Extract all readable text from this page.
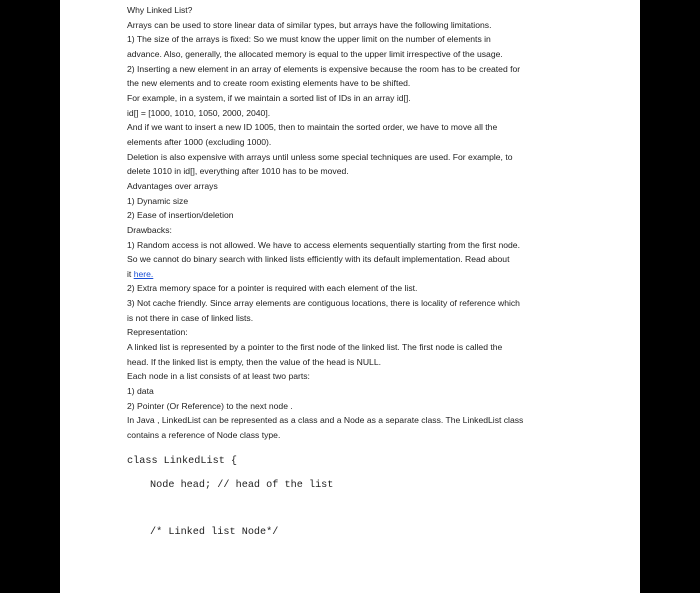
Why Linked List?
Arrays can be used to store linear data of similar types, but arrays have the following limitations.
1) The size of the arrays is fixed: So we must know the upper limit on the number of elements in
advance. Also, generally, the allocated memory is equal to the upper limit irrespective of the usage.
2) Inserting a new element in an array of elements is expensive because the room has to be created for
the new elements and to create room existing elements have to be shifted.
For example, in a system, if we maintain a sorted list of IDs in an array id[].
id[] = [1000, 1010, 1050, 2000, 2040].
And if we want to insert a new ID 1005, then to maintain the sorted order, we have to move all the
elements after 1000 (excluding 1000).
Deletion is also expensive with arrays until unless some special techniques are used. For example, to
delete 1010 in id[], everything after 1010 has to be moved.
Advantages over arrays
1) Dynamic size
2) Ease of insertion/deletion
Drawbacks:
1) Random access is not allowed. We have to access elements sequentially starting from the first node.
So we cannot do binary search with linked lists efficiently with its default implementation. Read about
it here.
2) Extra memory space for a pointer is required with each element of the list.
3) Not cache friendly. Since array elements are contiguous locations, there is locality of reference which
is not there in case of linked lists.
Representation:
A linked list is represented by a pointer to the first node of the linked list. The first node is called the
head. If the linked list is empty, then the value of the head is NULL.
Each node in a list consists of at least two parts:
1) data
2) Pointer (Or Reference) to the next node .
In Java , LinkedList can be represented as a class and a Node as a separate class. The LinkedList class
contains a reference of Node class type.
class LinkedList {
Node head; // head of the list
/* Linked list Node*/
